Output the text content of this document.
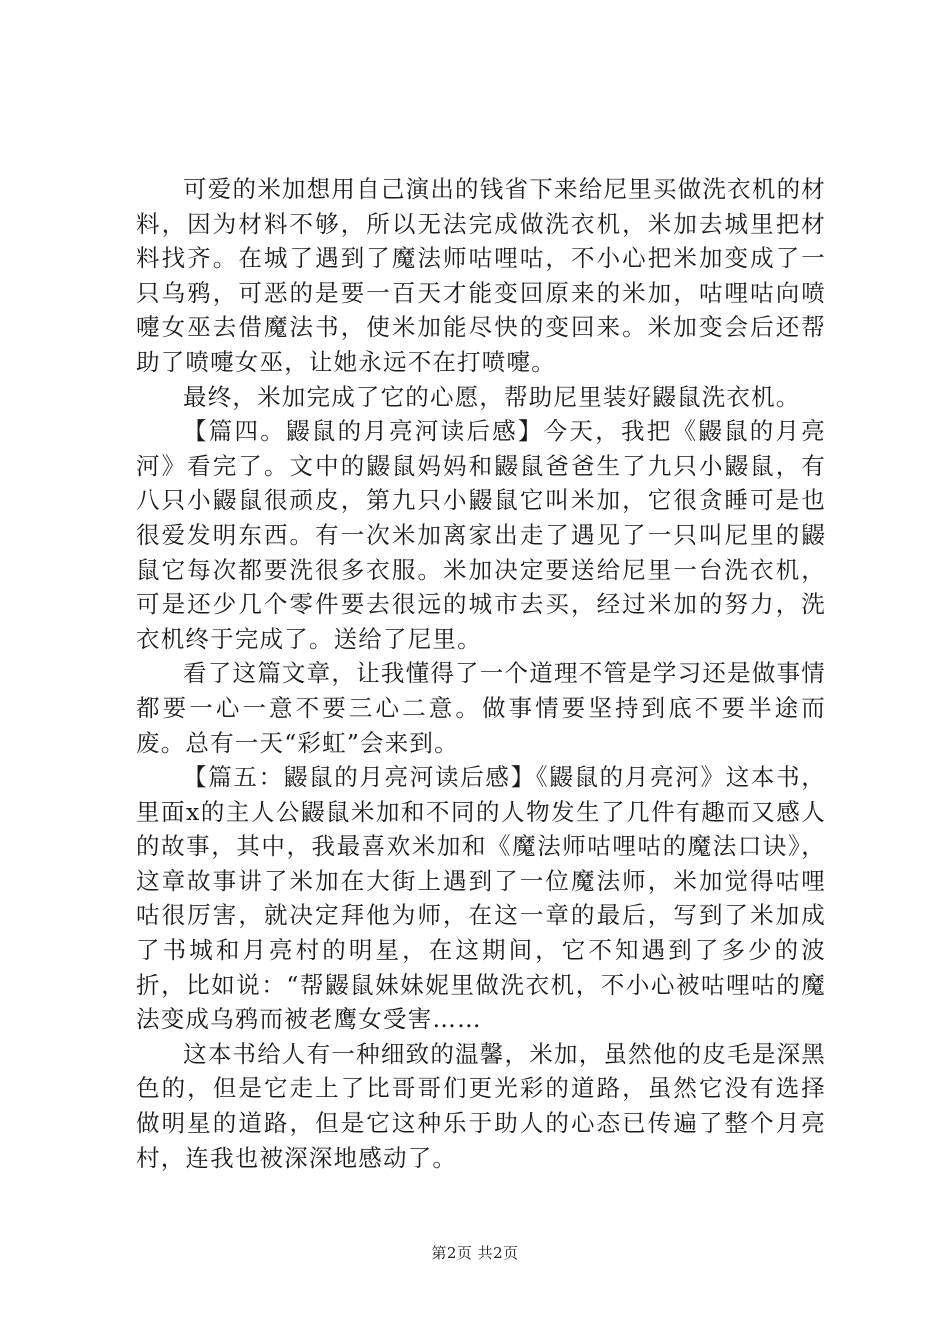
可爱的米加想用自己演出的钱省下来给尼里买做洗衣机的材料，因为材料不够，所以无法完成做洗衣机，米加去城里把材料找齐。在城了遇到了魔法师咕哩咕，不小心把米加变成了一只乌鸦，可恶的是要一百天才能变回原来的米加，咕哩咕向喷嚏女巫去借魔法书，使米加能尽快的变回来。米加变会后还帮助了喷嚏女巫，让她永远不在打喷嚏。

最终，米加完成了它的心愿，帮助尼里装好鼹鼠洗衣机。

【篇四。鼹鼠的月亮河读后感】今天，我把《鼹鼠的月亮河》看完了。文中的鼹鼠妈妈和鼹鼠爸爸生了九只小鼹鼠，有八只小鼹鼠很顽皮，第九只小鼹鼠它叫米加，它很贪睡可是也很爱发明东西。有一次米加离家出走了遇见了一只叫尼里的鼹鼠它每次都要洗很多衣服。米加决定要送给尼里一台洗衣机，可是还少几个零件要去很远的城市去买，经过米加的努力，洗衣机终于完成了。送给了尼里。

看了这篇文章，让我懂得了一个道理不管是学习还是做事情都要一心一意不要三心二意。做事情要坚持到底不要半途而废。总有一天“彩虹”会来到。

【篇五：鼹鼠的月亮河读后感】《鼹鼠的月亮河》这本书，里面x的主人公鼹鼠米加和不同的人物发生了几件有趣而又感人的故事，其中，我最喜欢米加和《魔法师咕哩咕的魔法口诀》，这章故事讲了米加在大街上遇到了一位魔法师，米加觉得咕哩咕很厉害，就决定拜他为师，在这一章的最后，写到了米加成了书城和月亮村的明星，在这期间，它不知遇到了多少的波折，比如说：“帮鼹鼠妹妹妮里做洗衣机，不小心被咕哩咕的魔法变成乌鸦而被老鹰女受害……

这本书给人有一种细致的温馨，米加，虽然他的皮毛是深黑色的，但是它走上了比哥哥们更光彩的道路，虽然它没有选择做明星的道路，但是它这种乐于助人的心态已传遍了整个月亮村，连我也被深深地感动了。

第2页 共2页
